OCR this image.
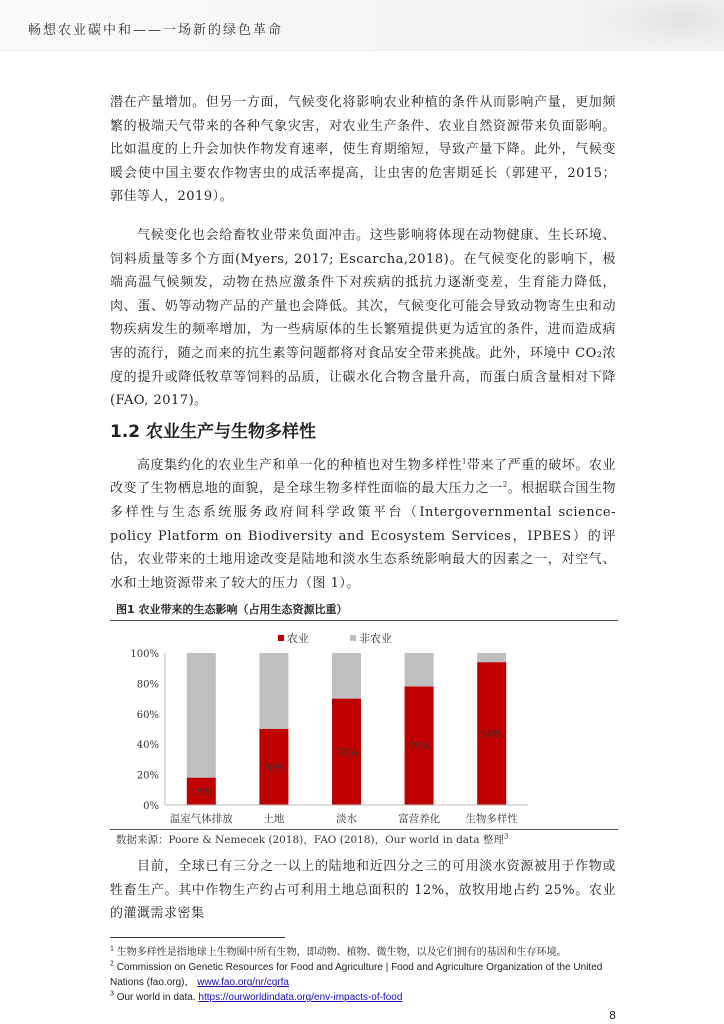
畅想农业碳中和——一场新的绿色革命

潜在产量增加。但另一方面，气候变化将影响农业种植的条件从而影响产量，更加频繁的极端天气带来的各种气象灾害，对农业生产条件、农业自然资源带来负面影响。比如温度的上升会加快作物发育速率，使生育期缩短，导致产量下降。此外，气候变暖会使中国主要农作物害虫的成活率提高，让虫害的危害期延长（郭建平，2015；郭佳等人，2019）。

气候变化也会给畜牧业带来负面冲击。这些影响将体现在动物健康、生长环境、饲料质量等多个方面(Myers, 2017; Escarcha,2018)。在气候变化的影响下，极端高温气候频发，动物在热应激条件下对疾病的抵抗力逐渐变差，生育能力降低，肉、蛋、奶等动物产品的产量也会降低。其次，气候变化可能会导致动物寄生虫和动物疾病发生的频率增加，为一些病原体的生长繁殖提供更为适宜的条件，进而造成病害的流行，随之而来的抗生素等问题都将对食品安全带来挑战。此外，环境中 CO₂浓度的提升或降低牧草等饲料的品质，让碳水化合物含量升高，而蛋白质含量相对下降(FAO, 2017)。

1.2 农业生产与生物多样性

高度集约化的农业生产和单一化的种植也对生物多样性$^1$带来了严重的破坏。农业改变了生物栖息地的面貌，是全球生物多样性面临的最大压力之一$^2$。根据联合国生物多样性与生态系统服务政府间科学政策平台（Intergovernmental science-policy Platform on Biodiversity and Ecosystem Services，IPBES）的评估，农业带来的土地用途改变是陆地和淡水生态系统影响最大的因素之一，对空气、水和土地资源带来了较大的压力（图 1）。

图1 农业带来的生态影响（占用生态资源比重）
农业	非农业
0%
20%
40%
60%
80%
100%
18%
温室气体排放
50%
土地
70%
淡水
78%
富营养化
94%
生物多样性
数据来源：Poore & Nemecek (2018)，FAO (2018)，Our world in data 整理$^3$

目前，全球已有三分之一以上的陆地和近四分之三的可用淡水资源被用于作物或牲畜生产。其中作物生产约占可利用土地总面积的 12%，放牧用地占约 25%。农业的灌溉需求密集

$^1$ 生物多样性是指地球上生物圈中所有生物，即动物、植物、微生物，以及它们拥有的基因和生存环境。
$^2$ Commission on Genetic Resources for Food and Agriculture | Food and Agriculture Organization of the United Nations (fao.org)， www.fao.org/nr/cgrfa
$^3$ Our world in data. https://ourworldindata.org/env-impacts-of-food
8
